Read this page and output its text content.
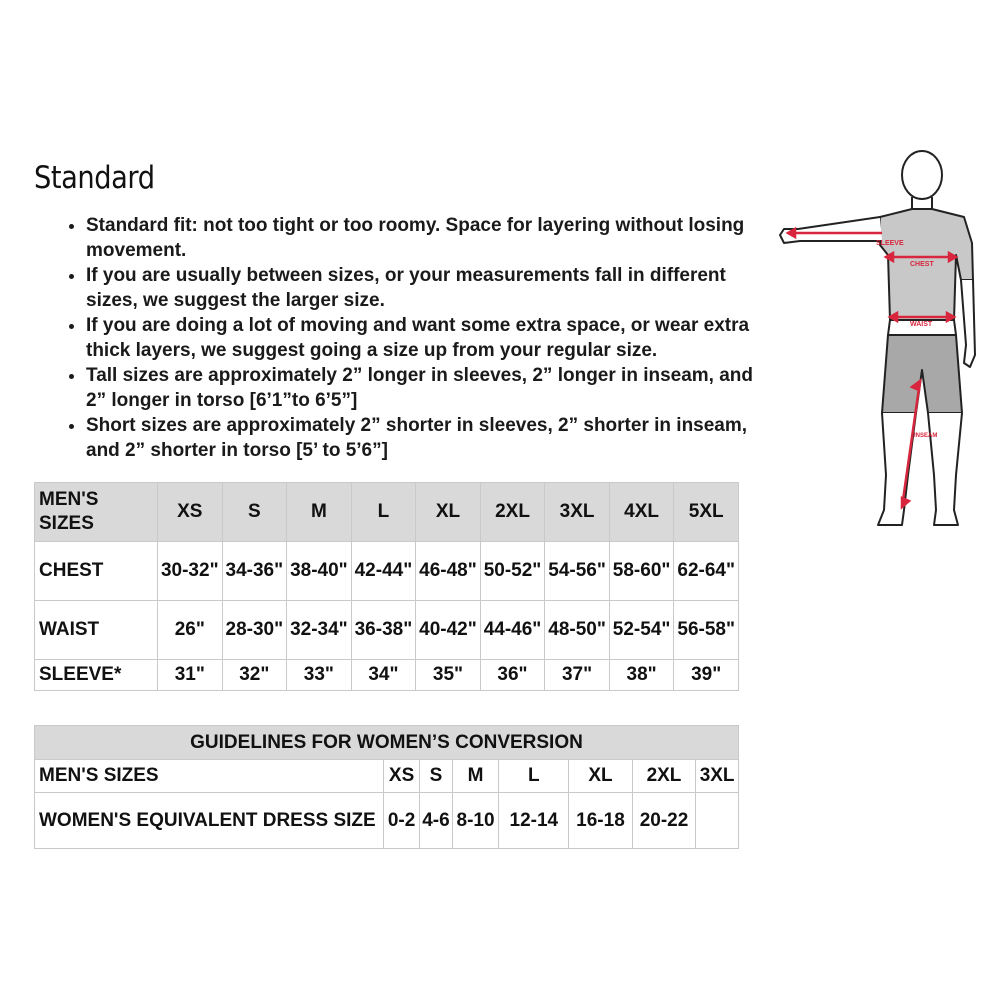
Standard
• Standard fit: not too tight or too roomy. Space for layering without losing movement.
• If you are usually between sizes, or your measurements fall in different sizes, we suggest the larger size.
• If you are doing a lot of moving and want some extra space, or wear extra thick layers, we suggest going a size up from your regular size.
• Tall sizes are approximately 2” longer in sleeves, 2” longer in inseam, and 2” longer in torso [6’1”to 6’5”]
• Short sizes are approximately 2” shorter in sleeves, 2” shorter in inseam, and 2” shorter in torso [5’ to 5’6”]
MEN'S SIZES	XS	S	M	L	XL	2XL	3XL	4XL	5XL
CHEST	30-32"	34-36"	38-40"	42-44"	46-48"	50-52"	54-56"	58-60"	62-64"
WAIST	26"	28-30"	32-34"	36-38"	40-42"	44-46"	48-50"	52-54"	56-58"
SLEEVE*	31"	32"	33"	34"	35"	36"	37"	38"	39"
GUIDELINES FOR WOMEN’S CONVERSION							
MEN'S SIZES	XS	S	M	L	XL	2XL	3XL
WOMEN'S EQUIVALENT DRESS SIZE	0-2	4-6	8-10	12-14	16-18	20-22	
SLEEVE
CHEST
WAIST
INSEAM
